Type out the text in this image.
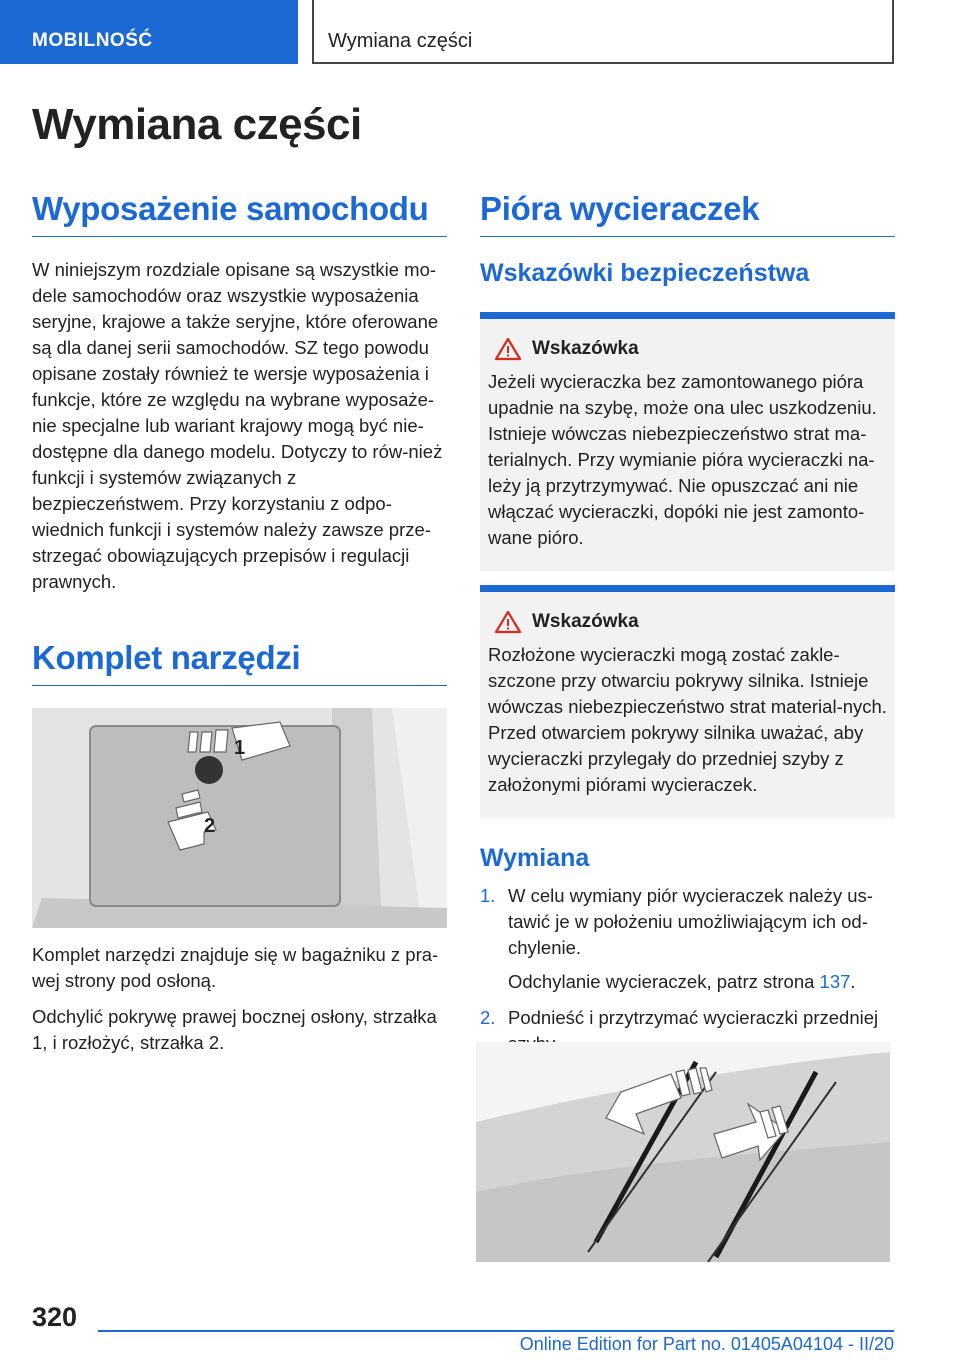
MOBILNOŚĆ	Wymiana części
Wymiana części
Wyposażenie samochodu

W niniejszym rozdziale opisane są wszystkie mo-dele samochodów oraz wszystkie wyposażenia seryjne, krajowe a także seryjne, które oferowane są dla danej serii samochodów. SZ tego powodu opisane zostały również te wersje wyposażenia i funkcje, które ze względu na wybrane wyposaże-nie specjalne lub wariant krajowy mogą być nie-dostępne dla danego modelu. Dotyczy to rów-nież funkcji i systemów związanych z bezpieczeństwem. Przy korzystaniu z odpo-wiednich funkcji i systemów należy zawsze prze-strzegać obowiązujących przepisów i regulacji prawnych.

Komplet narzędzi
1
2

Komplet narzędzi znajduje się w bagażniku z pra-wej strony pod osłoną.

Odchylić pokrywę prawej bocznej osłony, strzałka 1, i rozłożyć, strzałka 2.

Pióra wycieraczek
Wskazówki bezpieczeństwa
Wskazówka

Jeżeli wycieraczka bez zamontowanego pióra upadnie na szybę, może ona ulec uszkodzeniu. Istnieje wówczas niebezpieczeństwo strat ma-terialnych. Przy wymianie pióra wycieraczki na-leży ją przytrzymywać. Nie opuszczać ani nie włączać wycieraczki, dopóki nie jest zamonto-wane pióro.

Wskazówka

Rozłożone wycieraczki mogą zostać zakle-szczone przy otwarciu pokrywy silnika. Istnieje wówczas niebezpieczeństwo strat material-nych. Przed otwarciem pokrywy silnika uważać, aby wycieraczki przylegały do przedniej szyby z założonymi piórami wycieraczek.

Wymiana
1. W celu wymiany piór wycieraczek należy us-tawić je w położeniu umożliwiającym ich od-chylenie.

Odchylanie wycieraczek, patrz strona 137.

2. Podnieść i przytrzymać wycieraczki przedniej

320
Online Edition for Part no. 01405A04104 - II/20
